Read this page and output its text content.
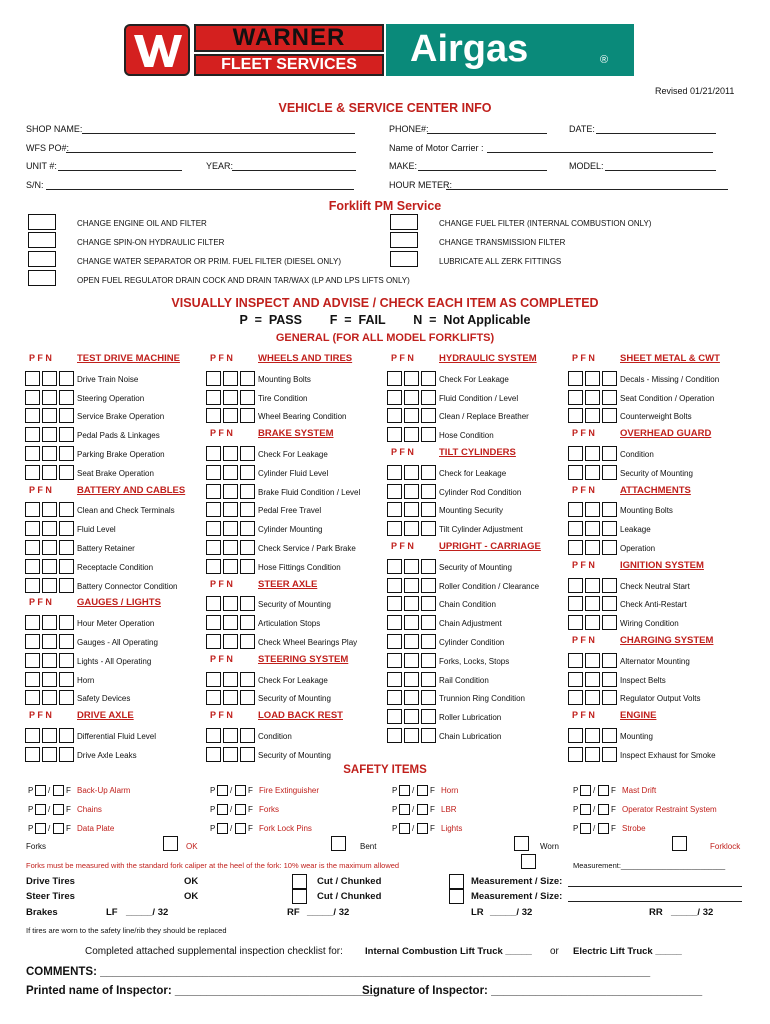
WARNER
FLEET SERVICES	Airgas	®
Revised 01/21/2011
VEHICLE & SERVICE CENTER INFO
SHOP NAME:	PHONE#:	DATE:
WFS PO#:	Name of Motor Carrier :
UNIT #:	YEAR:	MAKE:	MODEL:
S/N:	HOUR METER:
Forklift PM Service
CHANGE ENGINE OIL AND FILTER
CHANGE SPIN-ON HYDRAULIC FILTER
CHANGE WATER SEPARATOR OR PRIM. FUEL FILTER (DIESEL ONLY)
OPEN FUEL REGULATOR DRAIN COCK AND DRAIN TAR/WAX (LP AND LPS LIFTS ONLY)
CHANGE FUEL FILTER (INTERNAL COMBUSTION ONLY)
CHANGE TRANSMISSION FILTER
LUBRICATE ALL ZERK FITTINGS
VISUALLY INSPECT AND ADVISE / CHECK EACH ITEM AS COMPLETED
P  =  PASS        F  =  FAIL        N  =  Not Applicable
GENERAL (FOR ALL MODEL FORKLIFTS)
P F N	TEST DRIVE MACHINE
Drive Train Noise
Steering Operation
Service Brake Operation
Pedal Pads & Linkages
Parking Brake Operation
Seat Brake Operation
P F N	BATTERY AND CABLES
Clean and Check Terminals
Fluid Level
Battery Retainer
Receptacle Condition
Battery Connector Condition
P F N	GAUGES / LIGHTS
Hour Meter Operation
Gauges - All Operating
Lights - All Operating
Horn
Safety Devices
P F N	DRIVE AXLE
Differential Fluid Level
Drive Axle Leaks
P F N	WHEELS AND TIRES
Mounting Bolts
Tire Condition
Wheel Bearing Condition
P F N	BRAKE SYSTEM
Check For Leakage
Cylinder Fluid Level
Brake Fluid Condition / Level
Pedal Free Travel
Cylinder Mounting
Check Service / Park Brake
Hose Fittings Condition
P F N	STEER AXLE
Security of Mounting
Articulation Stops
Check Wheel Bearings Play
P F N	STEERING SYSTEM
Check For Leakage
Security of Mounting
P F N	LOAD BACK REST
Condition
Security of Mounting
P F N	HYDRAULIC SYSTEM
Check For Leakage
Fluid Condition / Level
Clean / Replace Breather
Hose Condition
P F N	TILT CYLINDERS
Check for Leakage
Cylinder Rod Condition
Mounting Security
Tilt Cylinder Adjustment
P F N	UPRIGHT - CARRIAGE
Security of Mounting
Roller Condition / Clearance
Chain Condition
Chain Adjustment
Cylinder Condition
Forks, Locks, Stops
Rail Condition
Trunnion Ring Condition
Roller Lubrication
Chain Lubrication
P F N	SHEET METAL & CWT
Decals - Missing / Condition
Seat Condition / Operation
Counterweight Bolts
P F N	OVERHEAD GUARD
Condition
Security of Mounting
P F N	ATTACHMENTS
Mounting Bolts
Leakage
Operation
P F N	IGNITION SYSTEM
Check Neutral Start
Check Anti-Restart
Wiring Condition
P F N	CHARGING SYSTEM
Alternator Mounting
Inspect Belts
Regulator Output Volts
P F N	ENGINE
Mounting
Inspect Exhaust for Smoke
SAFETY ITEMS
P / F Back-Up Alarm	P / F Fire Extinguisher	P / F Horn	P / F Mast Drift
P / F Chains	P / F Forks	P / F LBR	P / F Operator Restraint System
P / F Data Plate	P / F Fork Lock Pins	P / F Lights	P / F Strobe
Forks	OK	Bent	Worn	Forklock
Forks must be measured with the standard fork caliper at the heel of the fork: 10% wear is the maximum allowed	Measurement:_________________________
Drive Tires	OK	Cut / Chunked	Measurement / Size:
Steer Tires	OK	Cut / Chunked	Measurement / Size:
Brakes	LF _____/ 32	RF _____/ 32	LR _____/ 32	RR _____/ 32
If tires are worn to the safety line/rib they should be replaced
Completed attached supplemental inspection checklist for: Internal Combustion Lift Truck _____ or Electric Lift Truck _____
COMMENTS: ______________________________________________________________________________________
Printed name of Inspector: _______________________________
Signature of Inspector: _________________________________
